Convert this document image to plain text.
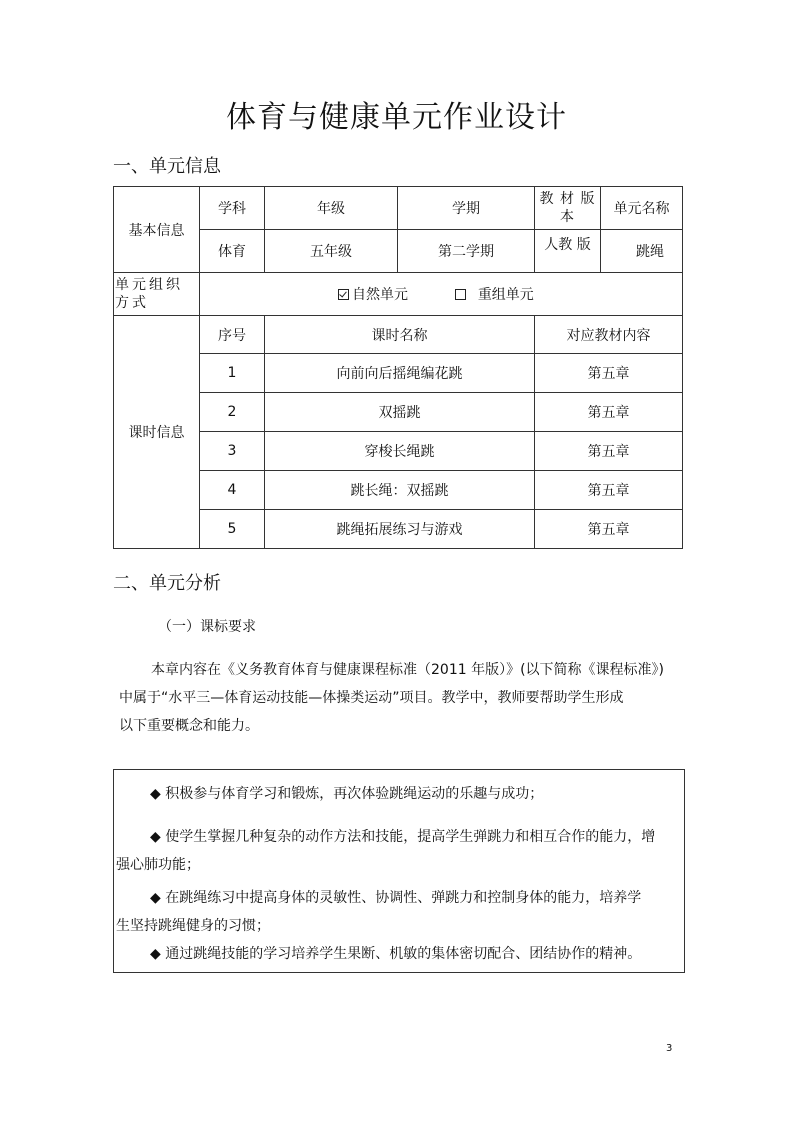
体育与健康单元作业设计
一、单元信息
基本信息	学科	年级	学期	教 材 版本	单元名称
	体育	五年级	第二学期	人教 版	跳绳
单元组织方式	自然单元 重组单元				
课时信息	序号	课时名称		对应教材内容	
	1	向前向后摇绳编花跳		第五章	
	2	双摇跳		第五章	
	3	穿梭长绳跳		第五章	
	4	跳长绳：双摇跳		第五章	
	5	跳绳拓展练习与游戏		第五章	
二、单元分析
（一）课标要求

本章内容在《义务教育体育与健康课程标准（2011 年版）》(以下简称《课程标准》)

中属于“水平三—体育运动技能—体操类运动”项目。教学中，教师要帮助学生形成

以下重要概念和能力。

◆ 积极参与体育学习和锻炼，再次体验跳绳运动的乐趣与成功；
◆ 使学生掌握几种复杂的动作方法和技能，提高学生弹跳力和相互合作的能力，增
强心肺功能；
◆ 在跳绳练习中提高身体的灵敏性、协调性、弹跳力和控制身体的能力，培养学
生坚持跳绳健身的习惯；
◆ 通过跳绳技能的学习培养学生果断、机敏的集体密切配合、团结协作的精神。
3
